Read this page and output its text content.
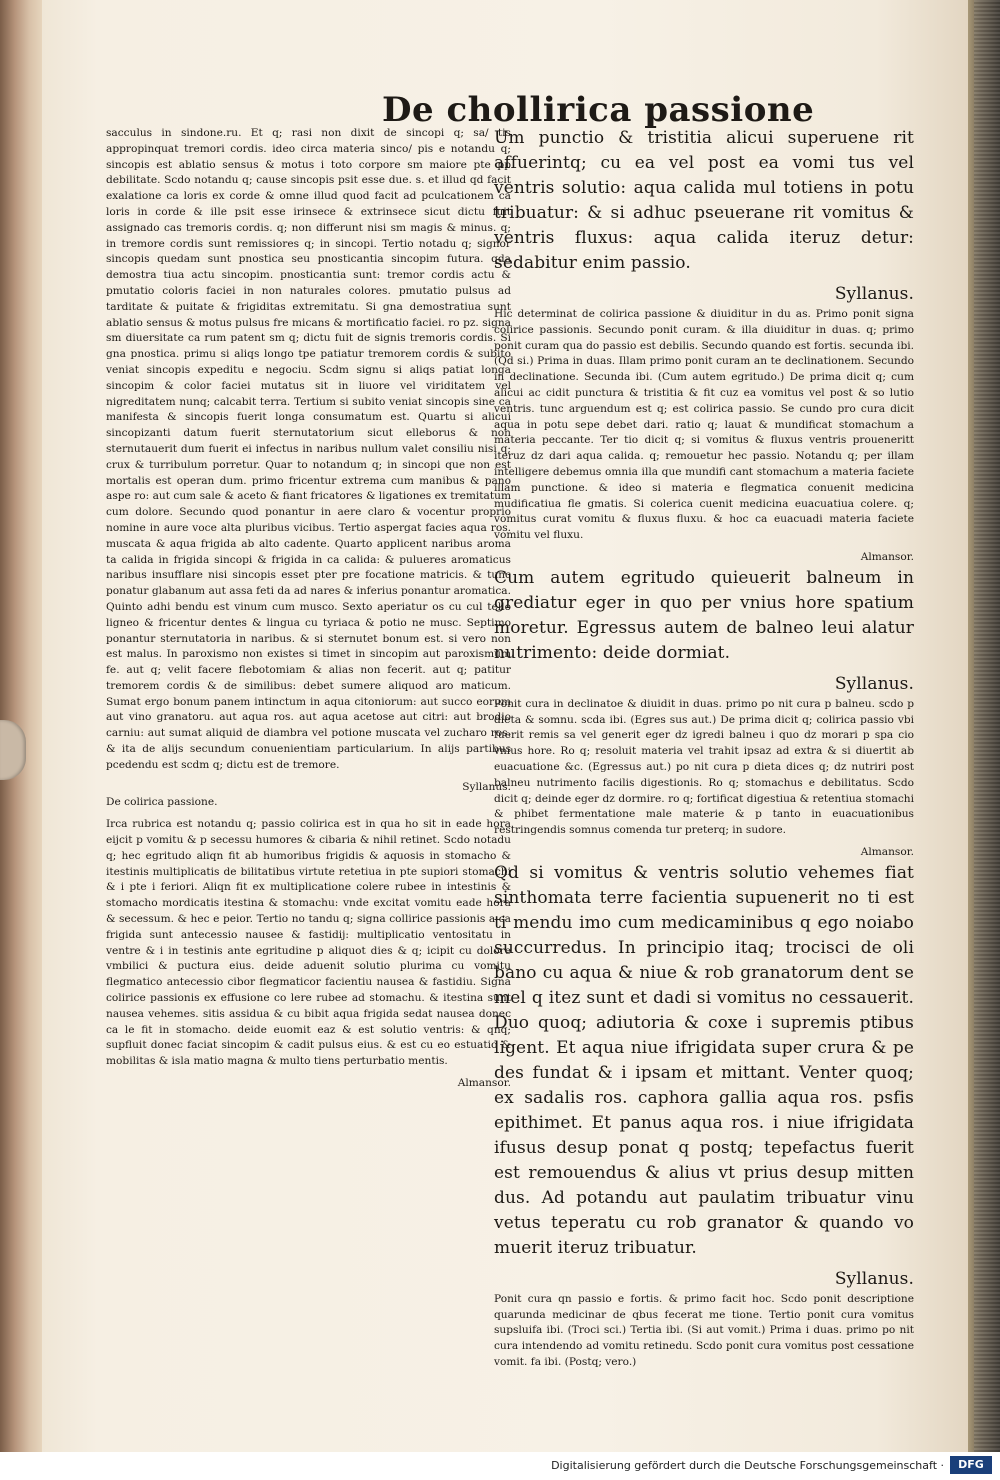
De chollirica passione

sacculus in sindone.ru. Et q; rasi non dixit de sincopi q; sa/ tis appropinquat tremori cordis. ideo circa materia sinco/ pis e notandu q; sincopis est ablatio sensus & motus i toto corpore sm maiore pte pp debilitate. Scdo notandu q; cause sincopis psit esse due. s. et illud qd facit exalatione ca loris ex corde & omne illud quod facit ad pculcationem ca loris in corde & ille psit esse irinsece & extrinsece sicut dictu fuit assignado cas tremoris cordis. q; non differunt nisi sm magis & minus. q; in tremore cordis sunt remissiores q; in sincopi. Tertio notadu q; signor sincopis quedam sunt pnostica seu pnosticantia sincopim futura. qda demostra tiua actu sincopim. pnosticantia sunt: tremor cordis actu & pmutatio coloris faciei in non naturales colores. pmutatio pulsus ad tarditate & puitate & frigiditas extremitatu. Si gna demostratiua sunt ablatio sensus & motus pulsus fre micans & mortificatio faciei. ro pz. signa sm diuersitate ca rum patent sm q; dictu fuit de signis tremoris cordis. Si gna pnostica. primu si aliqs longo tpe patiatur tremorem cordis & subito veniat sincopis expeditu e negociu. Scdm signu si aliqs patiat longa sincopim & color faciei mutatus sit in liuore vel viriditatem vel nigreditatem nunq; calcabit terra. Tertium si subito veniat sincopis sine ca manifesta & sincopis fuerit longa consumatum est. Quartu si alicui sincopizanti datum fuerit sternutatorium sicut elleborus & non sternutauerit dum fuerit ei infectus in naribus nullum valet consiliu nisi q; crux & turribulum porretur. Quar to notandum q; in sincopi que non est mortalis est operan dum. primo fricentur extrema cum manibus & pano aspe ro: aut cum sale & aceto & fiant fricatores & ligationes ex tremitatum cum dolore. Secundo quod ponantur in aere claro & vocentur proprio nomine in aure voce alta pluribus vicibus. Tertio aspergat facies aqua ros. muscata & aqua frigida ab alto cadente. Quarto applicent naribus aroma ta calida in frigida sincopi & frigida in ca calida: & pulueres aromaticus naribus insufflare nisi sincopis esset pter pre focatione matricis. & tunc ponatur glabanum aut assa feti da ad nares & inferius ponantur aromatica. Quinto adhi bendu est vinum cum musco. Sexto aperiatur os cu cul tello ligneo & fricentur dentes & lingua cu tyriaca & potio ne musc. Septimo ponantur sternutatoria in naribus. & si sternutet bonum est. si vero non est malus. In paroxismo non existes si timet in sincopim aut paroxismum fe. aut q; velit facere flebotomiam & alias non fecerit. aut q; patitur tremorem cordis & de similibus: debet sumere aliquod aro maticum. Sumat ergo bonum panem intinctum in aqua citoniorum: aut succo eorum aut vino granatoru. aut aqua ros. aut aqua acetose aut citri: aut brodio carniu: aut sumat aliquid de diambra vel potione muscata vel zucharo ros. & ita de alijs secundum conuenientiam particularium. In alijs partibus pcedendu est scdm q; dictu est de tremore.

Syllanus.

De colirica passione.

Irca rubrica est notandu q; passio colirica est in qua ho sit in eade hora eijcit p vomitu & p secessu humores & cibaria & nihil retinet. Scdo notadu q; hec egritudo aliqn fit ab humoribus frigidis & aquosis in stomacho & itestinis multiplicatis de bilitatibus virtute retetiua in pte supiori stomachi & i pte i feriori. Aliqn fit ex multiplicatione colere rubee in intestinis & stomacho mordicatis itestina & stomachu: vnde excitat vomitu eade hora & secessum. & hec e peior. Tertio no tandu q; signa collirice passionis a ca frigida sunt antecessio nausee & fastidij: multiplicatio ventositatu in ventre & i in testinis ante egritudine p aliquot dies & q; icipit cu dolore vmbilici & puctura eius. deide aduenit solutio plurima cu vomitu flegmatico antecessio cibor flegmaticor facientiu nausea & fastidiu. Signa colirice passionis ex effusione co lere rubee ad stomachu. & itestina sunt nausea vehemes. sitis assidua & cu bibit aqua frigida sedat nausea donec ca le fit in stomacho. deide euomit eaz & est solutio ventris: & qnq; supfluit donec faciat sincopim & cadit pulsus eius. & est cu eo estuatio & mobilitas & isla matio magna & multo tiens perturbatio mentis.

Almansor.

Um punctio & tristitia alicui superuene rit affuerintq; cu ea vel post ea vomi tus vel ventris solutio: aqua calida mul totiens in potu tribuatur: & si adhuc pseuerane rit vomitus & ventris fluxus: aqua calida iteruz detur: sedabitur enim passio.

Syllanus.

Hic determinat de colirica passione & diuiditur in du as. Primo ponit signa colirice passionis. Secundo ponit curam. & illa diuiditur in duas. q; primo ponit curam qua do passio est debilis. Secundo quando est fortis. secunda ibi. (Qd si.) Prima in duas. Illam primo ponit curam an te declinationem. Secundo in declinatione. Secunda ibi. (Cum autem egritudo.) De prima dicit q; cum alicui ac cidit punctura & tristitia & fit cuz ea vomitus vel post & so lutio ventris. tunc arguendum est q; est colirica passio. Se cundo pro cura dicit aqua in potu sepe debet dari. ratio q; lauat & mundificat stomachum a materia peccante. Ter tio dicit q; si vomitus & fluxus ventris proueneritt iteruz dz dari aqua calida. q; remouetur hec passio. Notandu q; per illam intelligere debemus omnia illa que mundifi cant stomachum a materia faciete illam punctione. & ideo si materia e flegmatica conuenit medicina mudificatiua fle gmatis. Si colerica cuenit medicina euacuatiua colere. q; vomitus curat vomitu & fluxus fluxu. & hoc ca euacuadi materia faciete vomitu vel fluxu.

Almansor.

Cum autem egritudo quieuerit balneum in grediatur eger in quo per vnius hore spatium moretur. Egressus autem de balneo leui alatur nutrimento: deide dormiat.

Syllanus.

Ponit cura in declinatoe & diuidit in duas. primo po nit cura p balneu. scdo p dieta & somnu. scda ibi. (Egres sus aut.) De prima dicit q; colirica passio vbi fuerit remis sa vel generit eger dz igredi balneu i quo dz morari p spa cio vnius hore. Ro q; resoluit materia vel trahit ipsaz ad extra & si diuertit ab euacuatione &c. (Egressus aut.) po nit cura p dieta dices q; dz nutriri post balneu nutrimento facilis digestionis. Ro q; stomachus e debilitatus. Scdo dicit q; deinde eger dz dormire. ro q; fortificat digestiua & retentiua stomachi & phibet fermentatione male materie & p tanto in euacuationibus restringendis somnus comenda tur preterq; in sudore.

Almansor.

Qd si vomitus & ventris solutio vehemes fiat sinthomata terre facientia supuenerit no ti est ti mendu imo cum medicaminibus q ego noiabo succurredus. In principio itaq; trocisci de oli bano cu aqua & niue & rob granatorum dent se mel q itez sunt et dadi si vomitus no cessauerit. Duo quoq; adiutoria & coxe i supremis ptibus ligent. Et aqua niue ifrigidata super crura & pe des fundat & i ipsam et mittant. Venter quoq; ex sadalis ros. caphora gallia aqua ros. psfis epithimet. Et panus aqua ros. i niue ifrigidata ifusus desup ponat q postq; tepefactus fuerit est remouendus & alius vt prius desup mitten dus. Ad potandu aut paulatim tribuatur vinu vetus teperatu cu rob granator & quando vo muerit iteruz tribuatur.

Syllanus.

Ponit cura qn passio e fortis. & primo facit hoc. Scdo ponit descriptione quarunda medicinar de qbus fecerat me tione. Tertio ponit cura vomitus supsluifa ibi. (Troci sci.) Tertia ibi. (Si aut vomit.) Prima i duas. primo po nit cura intendendo ad vomitu retinedu. Scdo ponit cura vomitus post cessatione vomit. fa ibi. (Postq; vero.)

Digitalisierung gefördert durch die Deutsche Forschungsgemeinschaft ·	DFG
